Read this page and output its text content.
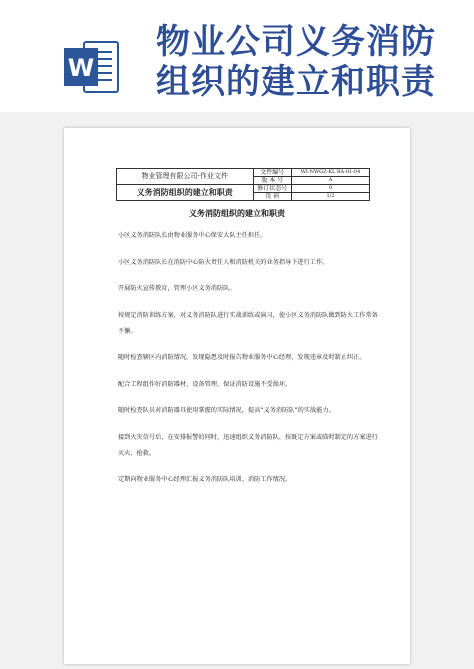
W
物业公司义务消防
组织的建立和职责
物业管理有限公司-作业文件	文件编号	WI-NWGZ-KL BA-01-04
	版 本 号	A
义务消防组织的建立和职责	修订状态号	0
	页 码	1/2
义务消防组织的建立和职责

小区义务消防队长由物业服务中心保安大队主任担任。

小区义务消防队长在消防中心防火责任人和消防机关的业务指导下进行工作。

开展防火宣传教育，管理小区义务消防队。

按规定消防训练方案，对义务消防队进行实战训练或演习，使小区义务消防队做到防火工作常备不懈。

随时检查辖区内消防情况，发现隐患及时报告物业服务中心经理，发现违章及时制止纠正。

配合工程组作好消防器材、设备管理，保证消防设施不受损坏。

随时检查队员对消防器具使用掌握的实际情况，提高“义务消防队”的实战能力。

接到火灾信号后，在安排报警的同时，迅速组织义务消防队，按既定方案或临时制定的方案进行灭火、抢救。

定期向物业服务中心经理汇报义务消防队培训、消防工作情况。
